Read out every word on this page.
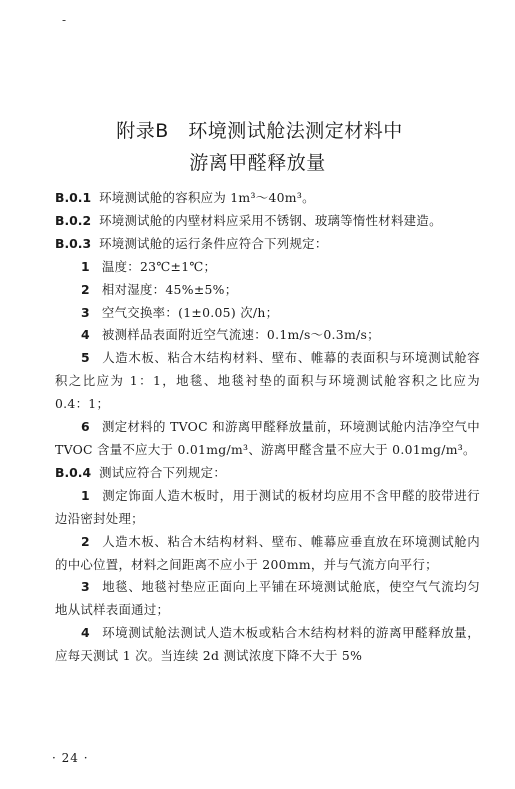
-
附录B　环境测试舱法测定材料中
游离甲醛释放量

B.0.1 环境测试舱的容积应为 1m³～40m³。

B.0.2 环境测试舱的内壁材料应采用不锈钢、玻璃等惰性材料建造。

B.0.3 环境测试舱的运行条件应符合下列规定：

1 温度：23℃±1℃；

2 相对湿度：45%±5%；

3 空气交换率：(1±0.05) 次/h；

4 被测样品表面附近空气流速：0.1m/s～0.3m/s；

5 人造木板、粘合木结构材料、壁布、帷幕的表面积与环境测试舱容积之比应为 1：1，地毯、地毯衬垫的面积与环境测试舱容积之比应为 0.4：1；

6 测定材料的 TVOC 和游离甲醛释放量前，环境测试舱内洁净空气中 TVOC 含量不应大于 0.01mg/m³、游离甲醛含量不应大于 0.01mg/m³。

B.0.4 测试应符合下列规定：

1 测定饰面人造木板时，用于测试的板材均应用不含甲醛的胶带进行边沿密封处理；

2 人造木板、粘合木结构材料、壁布、帷幕应垂直放在环境测试舱内的中心位置，材料之间距离不应小于 200mm，并与气流方向平行；

3 地毯、地毯衬垫应正面向上平铺在环境测试舱底，使空气气流均匀地从试样表面通过；

4 环境测试舱法测试人造木板或粘合木结构材料的游离甲醛释放量，应每天测试 1 次。当连续 2d 测试浓度下降不大于 5%

· 24 ·
